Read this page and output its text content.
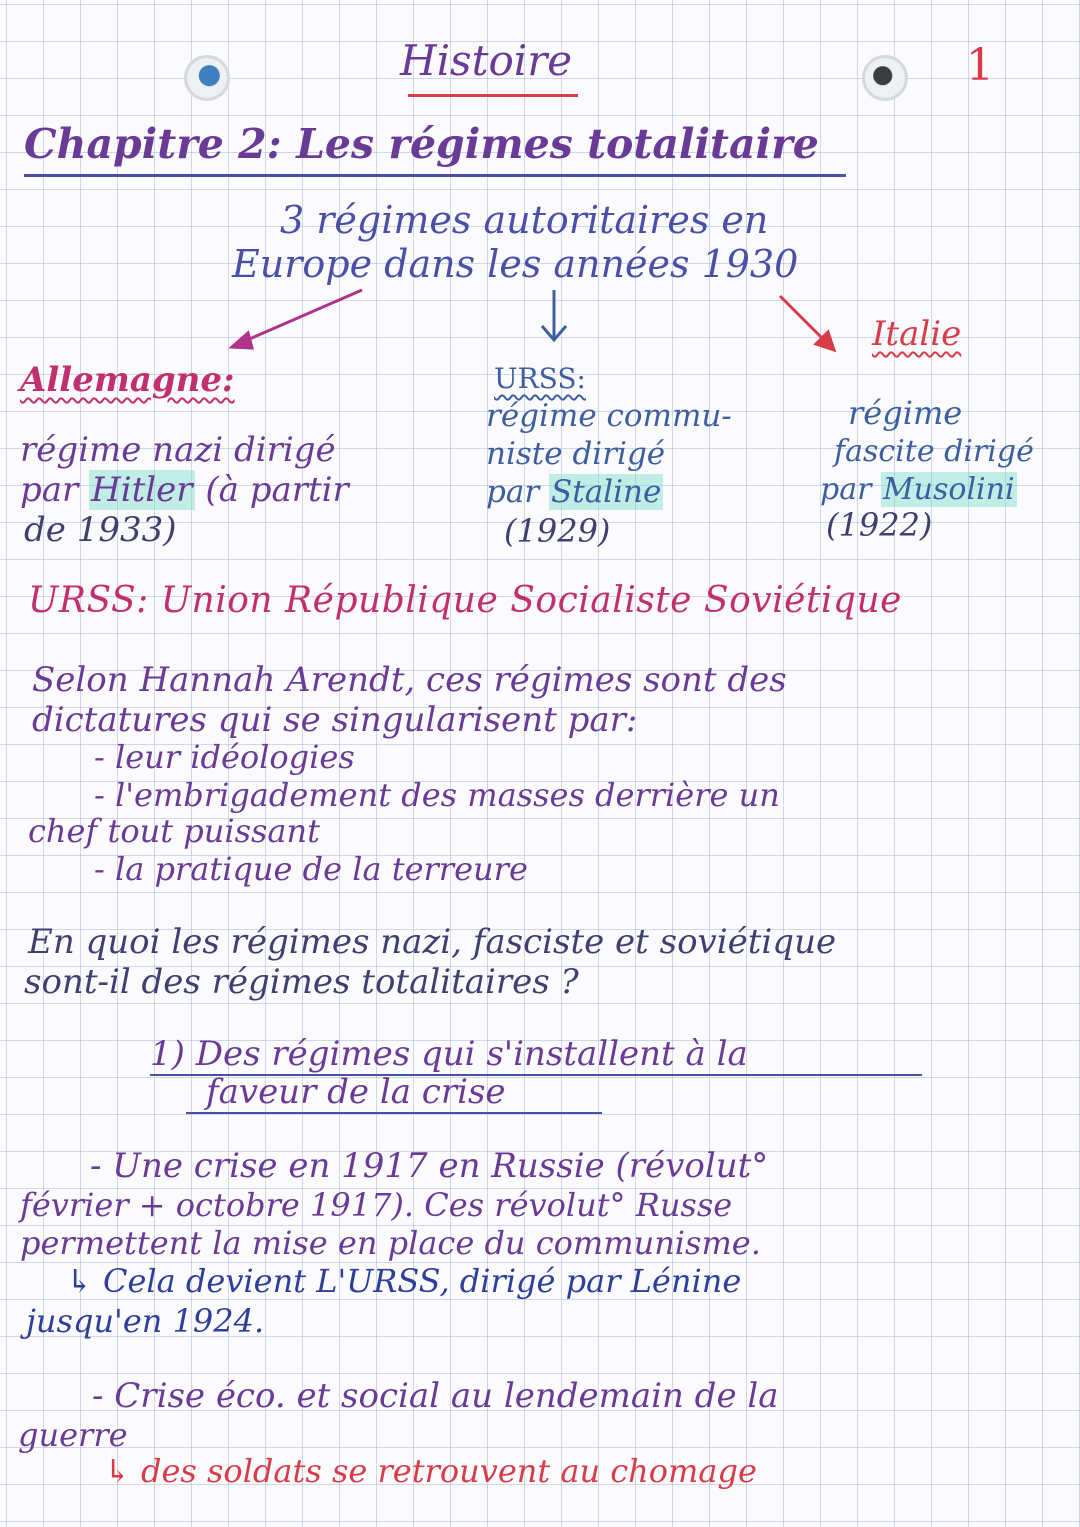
1
Histoire
Chapitre 2: Les régimes totalitaire
3 régimes autoritaires en
Europe dans les années 1930
Allemagne:
régime nazi dirigé
par Hitler (à partir
de 1933)
URSS:
régime commu-
niste dirigé
par Staline
(1929)
Italie
régime
fascite dirigé
par Musolini
(1922)
URSS: Union République Socialiste Soviétique
Selon Hannah Arendt, ces régimes sont des
dictatures qui se singularisent par:
- leur idéologies
- l'embrigadement des masses derrière un
chef tout puissant
- la pratique de la terreure
En quoi les régimes nazi, fasciste et soviétique
sont-il des régimes totalitaires ?
1) Des régimes qui s'installent à la
faveur de la crise
- Une crise en 1917 en Russie (révolut°
février + octobre 1917). Ces révolut° Russe
permettent la mise en place du communisme.
↳ Cela devient L'URSS, dirigé par Lénine
jusqu'en 1924.
- Crise éco. et social au lendemain de la
guerre
↳ des soldats se retrouvent au chomage
